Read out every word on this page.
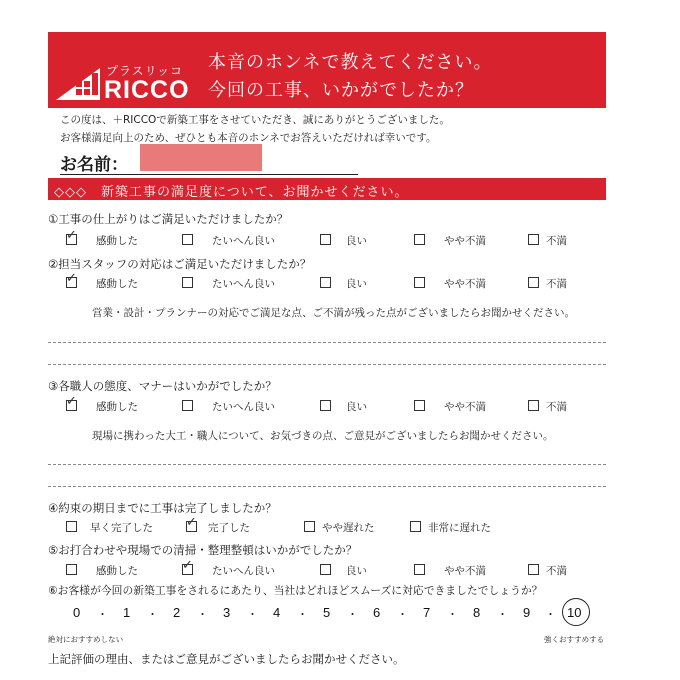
プラスリッコ
RICCO
本音のホンネで教えてください。
今回の工事、いかがでしたか？
この度は、＋RICCOで新築工事をさせていただき、誠にありがとうございました。
お客様満足向上のため、ぜひとも本音のホンネでお答えいただければ幸いです。
お名前：
◇◇◇　新築工事の満足度について、お聞かせください。
①工事の仕上がりはご満足いただけましたか？
✓ 感動した	たいへん良い	良い	やや不満	不満
②担当スタッフの対応はご満足いただけましたか？
✓ 感動した	たいへん良い	良い	やや不満	不満
営業・設計・プランナーの対応でご満足な点、ご不満が残った点がございましたらお聞かせください。
③各職人の態度、マナーはいかがでしたか？
✓ 感動した	たいへん良い	良い	やや不満	不満
現場に携わった大工・職人について、お気づきの点、ご意見がございましたらお聞かせください。
④約束の期日までに工事は完了しましたか？
早く完了した	✓ 完了した	やや遅れた	非常に遅れた
⑤お打合わせや現場での清掃・整理整頓はいかがでしたか？
感動した	✓ たいへん良い	良い	やや不満	不満
⑥お客様が今回の新築工事をされるにあたり、当社はどれほどスムーズに対応できましたでしょうか？
0 ・ 1 ・ 2 ・ 3 ・ 4 ・ 5 ・ 6 ・ 7 ・ 8 ・ 9 ・ 10
絶対におすすめしない	強くおすすめする
上記評価の理由、またはご意見がございましたらお聞かせください。
